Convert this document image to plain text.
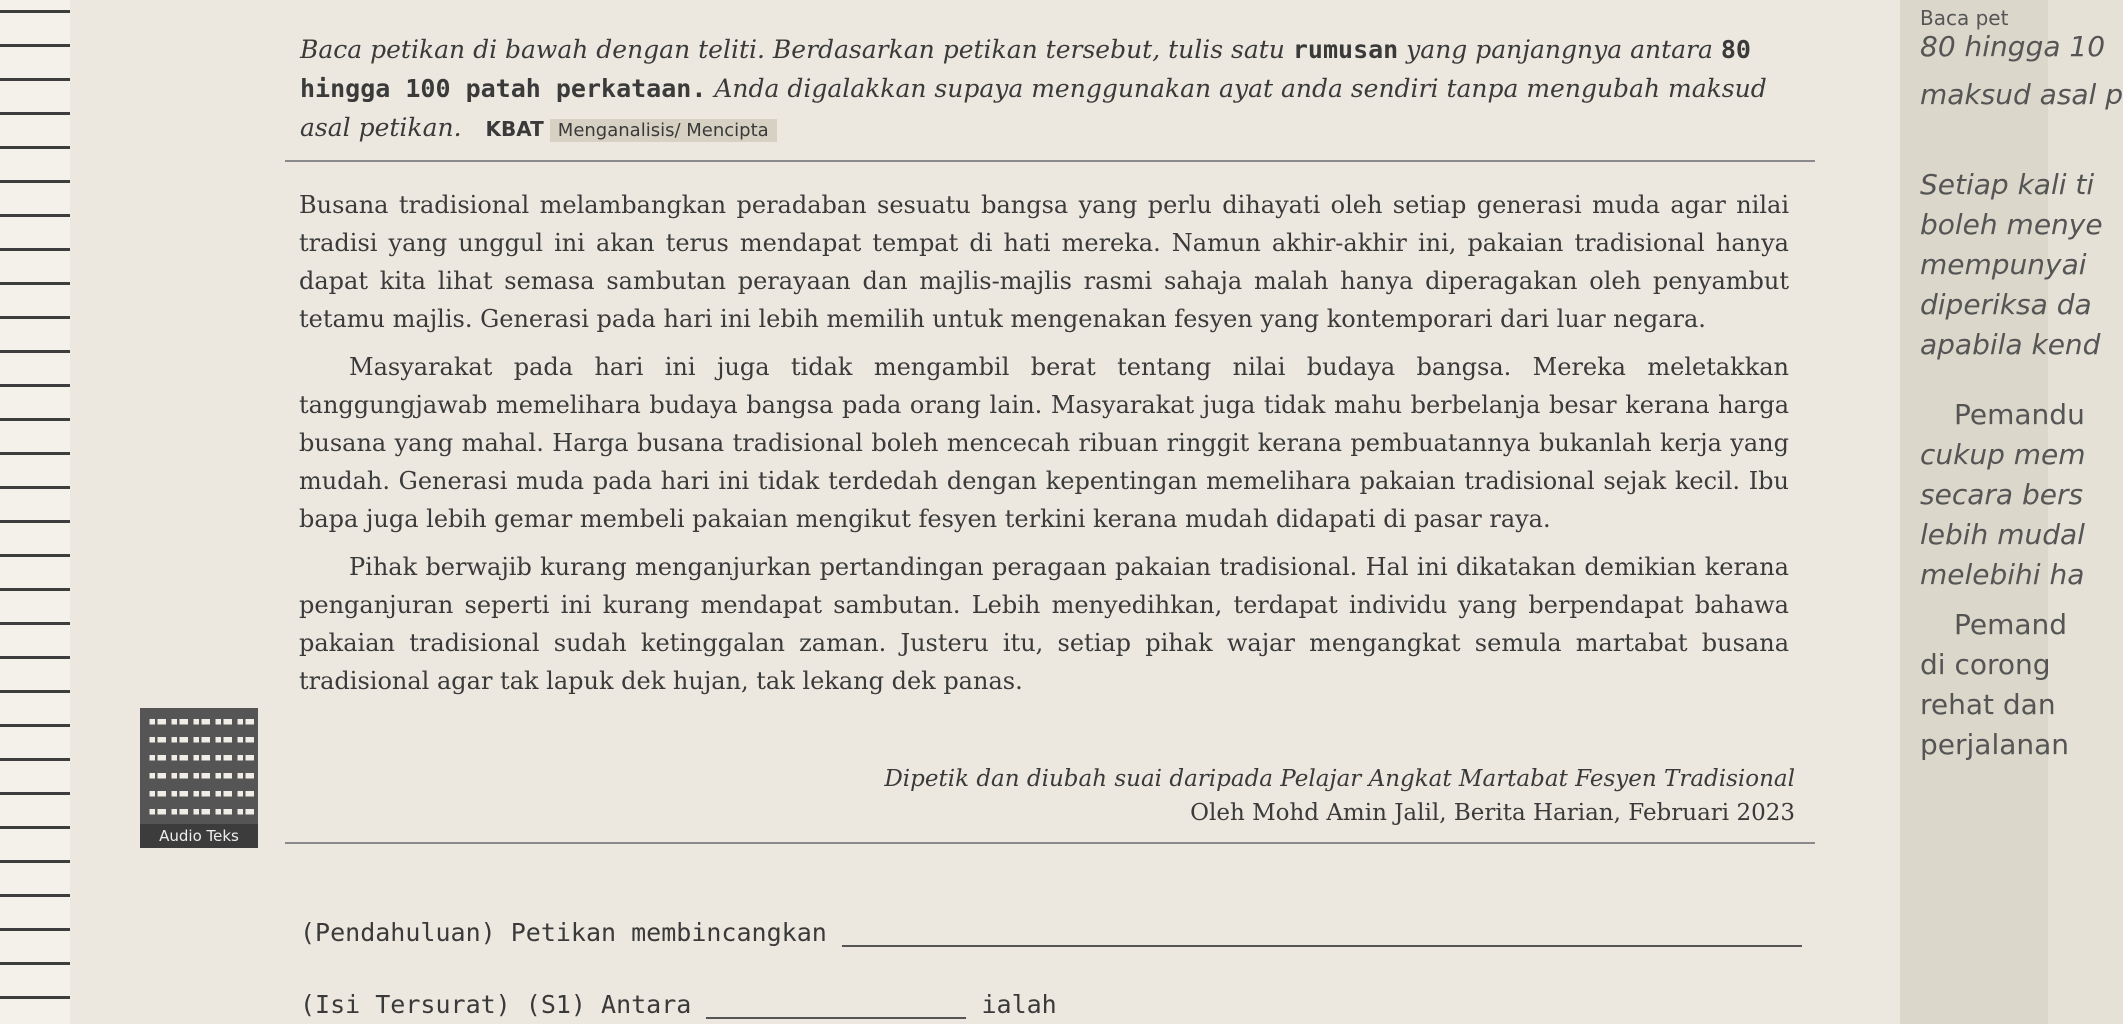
Baca petikan di bawah dengan teliti. Berdasarkan petikan tersebut, tulis satu rumusan yang panjangnya antara 80 hingga 100 patah perkataan. Anda digalakkan supaya menggunakan ayat anda sendiri tanpa mengubah maksud asal petikan. KBAT Menganalisis/ Mencipta

Busana tradisional melambangkan peradaban sesuatu bangsa yang perlu dihayati oleh setiap generasi muda agar nilai tradisi yang unggul ini akan terus mendapat tempat di hati mereka. Namun akhir-akhir ini, pakaian tradisional hanya dapat kita lihat semasa sambutan perayaan dan majlis-majlis rasmi sahaja malah hanya diperagakan oleh penyambut tetamu majlis. Generasi pada hari ini lebih memilih untuk mengenakan fesyen yang kontemporari dari luar negara.

Masyarakat pada hari ini juga tidak mengambil berat tentang nilai budaya bangsa. Mereka meletakkan tanggungjawab memelihara budaya bangsa pada orang lain. Masyarakat juga tidak mahu berbelanja besar kerana harga busana yang mahal. Harga busana tradisional boleh mencecah ribuan ringgit kerana pembuatannya bukanlah kerja yang mudah. Generasi muda pada hari ini tidak terdedah dengan kepentingan memelihara pakaian tradisional sejak kecil. Ibu bapa juga lebih gemar membeli pakaian mengikut fesyen terkini kerana mudah didapati di pasar raya.

Pihak berwajib kurang menganjurkan pertandingan peragaan pakaian tradisional. Hal ini dikatakan demikian kerana penganjuran seperti ini kurang mendapat sambutan. Lebih menyedihkan, terdapat individu yang berpendapat bahawa pakaian tradisional sudah ketinggalan zaman. Justeru itu, setiap pihak wajar mengangkat semula martabat busana tradisional agar tak lapuk dek hujan, tak lekang dek panas.

Dipetik dan diubah suai daripada Pelajar Angkat Martabat Fesyen Tradisional
Oleh Mohd Amin Jalil, Berita Harian, Februari 2023
Audio Teks
(Pendahuluan) Petikan membincangkan
(Isi Tersurat) (S1) Antara	ialah
Baca pet
80 hingga 10
maksud asal p
Setiap kali ti
boleh menye
mempunyai
diperiksa da
apabila kend
Pemandu
cukup mem
secara bers
lebih mudal
melebihi ha
Pemand
di corong
rehat dan
perjalanan
